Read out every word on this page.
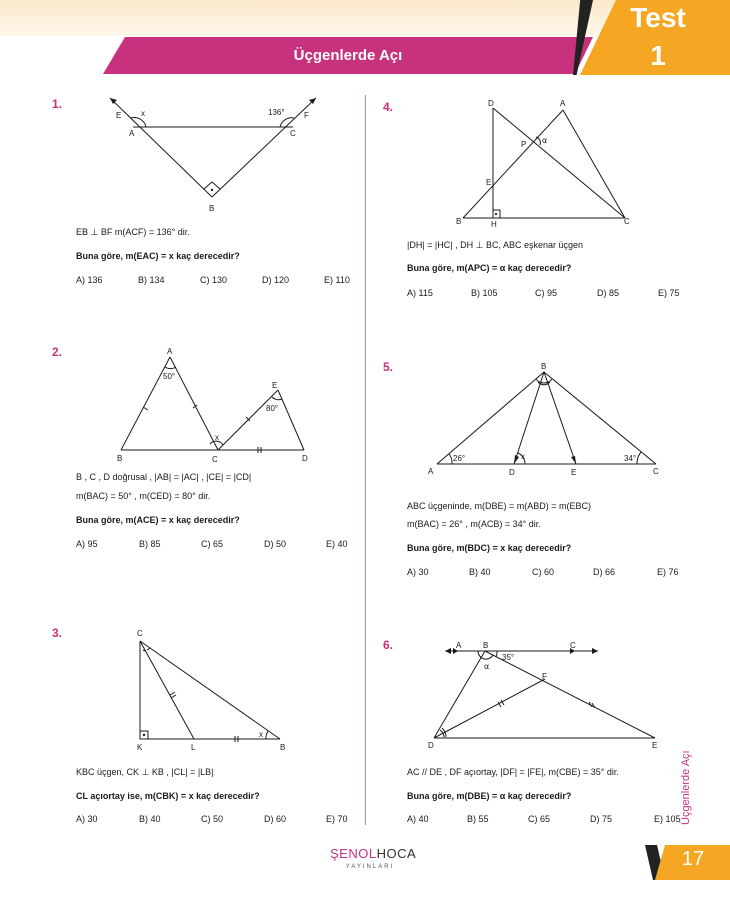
Üçgenlerde Açı
Test
1
1.
E
A	C
F
B
x	136°
EB ⊥ BF m(ACF) = 136° dir.
Buna göre, m(EAC) = x kaç derecedir?
A) 136	B) 134	C) 130	D) 120	E) 110
2.	A
B	C	D
E
x
50°
80°
B , C , D doğrusal , |AB| = |AC| , |CE| = |CD|
m(BAC) = 50° , m(CED) = 80° dir.
Buna göre, m(ACE) = x kaç derecedir?
A) 95	B) 85	C) 65	D) 50	E) 40
3.	C
K	L	B
x
KBC üçgen, CK ⊥ KB , |CL| = |LB|
CL açıortay ise, m(CBK) = x kaç derecedir?
A) 30	B) 40	C) 50	D) 60	E) 70
4.	D	A
P
E
B	H	C
α
|DH| = |HC| , DH ⊥ BC, ABC eşkenar üçgen
Buna göre, m(APC) = α kaç derecedir?
A) 115	B) 105	C) 95	D) 85	E) 75
5.	B
A	D	E	C
x
26°	34°
ABC üçgeninde, m(DBE) = m(ABD) = m(EBC)
m(BAC) = 26° , m(ACB) = 34° dir.
Buna göre, m(BDC) = x kaç derecedir?
A) 30	B) 40	C) 60	D) 66	E) 76
6.	A	B	C
F
D	E
α
35°
AC // DE , DF açıortay, |DF| = |FE|, m(CBE) = 35° dir.
Buna göre, m(DBE) = α kaç derecedir?
A) 40	B) 55	C) 65	D) 75	E) 105 Üçgenlerde Açı
ŞENOLHOCA
YAYINLARI	17
